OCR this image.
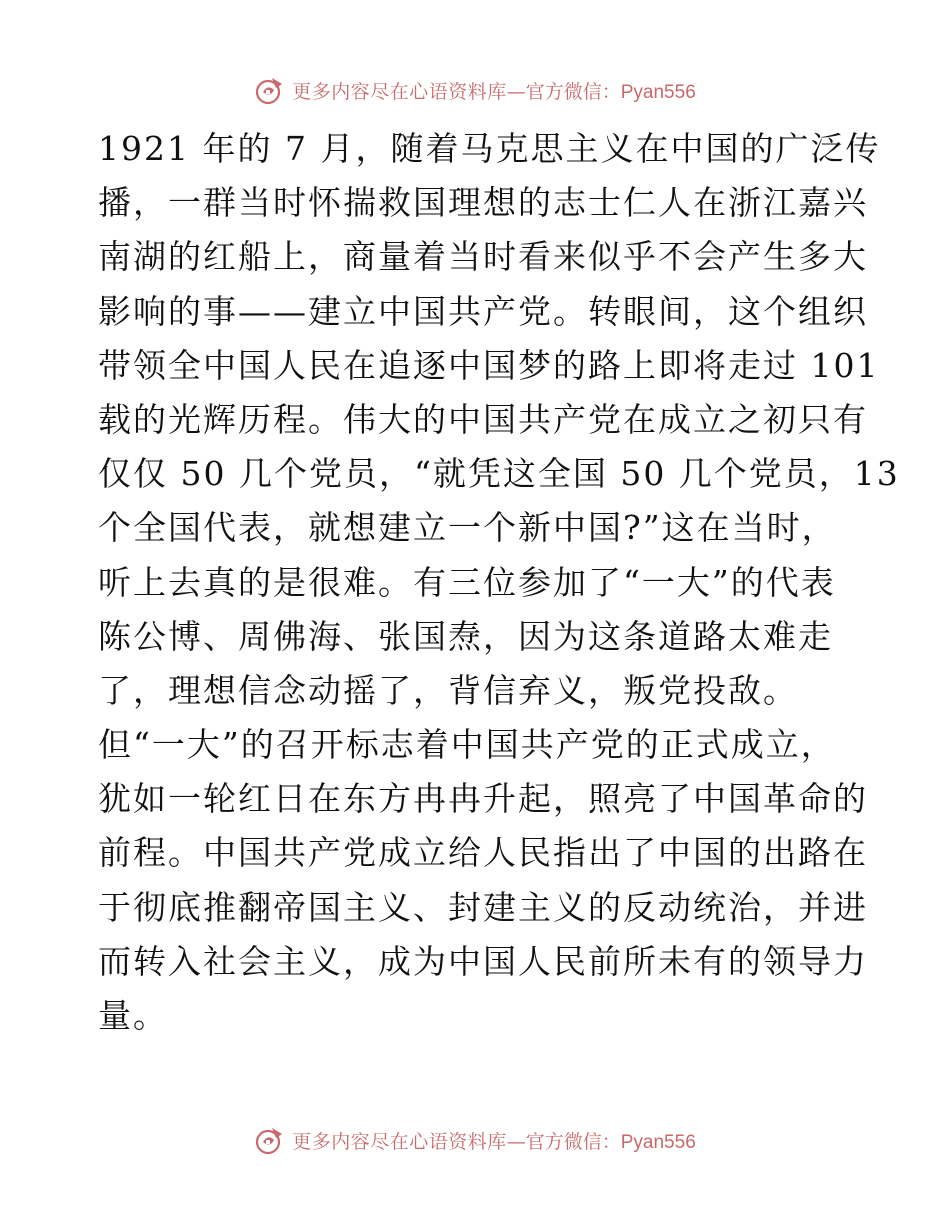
更多内容尽在心语资料库—官方微信：Pyan556
1921 年的 7 月，随着马克思主义在中国的广泛传
播，一群当时怀揣救国理想的志士仁人在浙江嘉兴
南湖的红船上，商量着当时看来似乎不会产生多大
影响的事——建立中国共产党。转眼间，这个组织
带领全中国人民在追逐中国梦的路上即将走过 101
载的光辉历程。伟大的中国共产党在成立之初只有
仅仅 50 几个党员，“就凭这全国 50 几个党员，13
个全国代表，就想建立一个新中国?”这在当时，
听上去真的是很难。有三位参加了“一大”的代表
陈公博、周佛海、张国焘，因为这条道路太难走
了，理想信念动摇了，背信弃义，叛党投敌。
但“一大”的召开标志着中国共产党的正式成立，
犹如一轮红日在东方冉冉升起，照亮了中国革命的
前程。中国共产党成立给人民指出了中国的出路在
于彻底推翻帝国主义、封建主义的反动统治，并进
而转入社会主义，成为中国人民前所未有的领导力
量。
更多内容尽在心语资料库—官方微信：Pyan556
